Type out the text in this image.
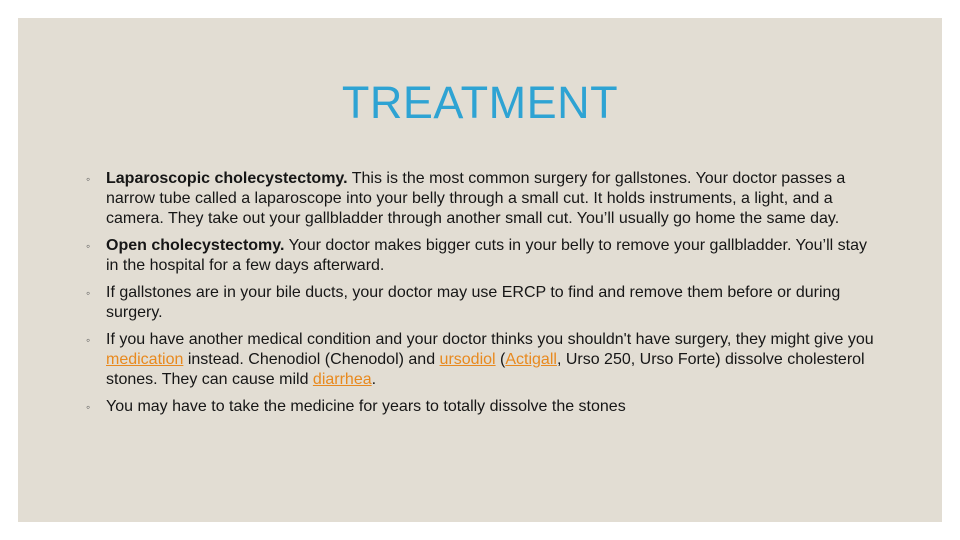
TREATMENT
◦ Laparoscopic cholecystectomy. This is the most common surgery for gallstones. Your doctor passes a narrow tube called a laparoscope into your belly through a small cut. It holds instruments, a light, and a camera. They take out your gallbladder through another small cut. You’ll usually go home the same day.
◦ Open cholecystectomy. Your doctor makes bigger cuts in your belly to remove your gallbladder. You’ll stay in the hospital for a few days afterward.
◦ If gallstones are in your bile ducts, your doctor may use ERCP to find and remove them before or during surgery.
◦ If you have another medical condition and your doctor thinks you shouldn't have surgery, they might give you medication instead. Chenodiol (Chenodol) and ursodiol (Actigall, Urso 250, Urso Forte) dissolve cholesterol stones. They can cause mild diarrhea.
◦ You may have to take the medicine for years to totally dissolve the stones
